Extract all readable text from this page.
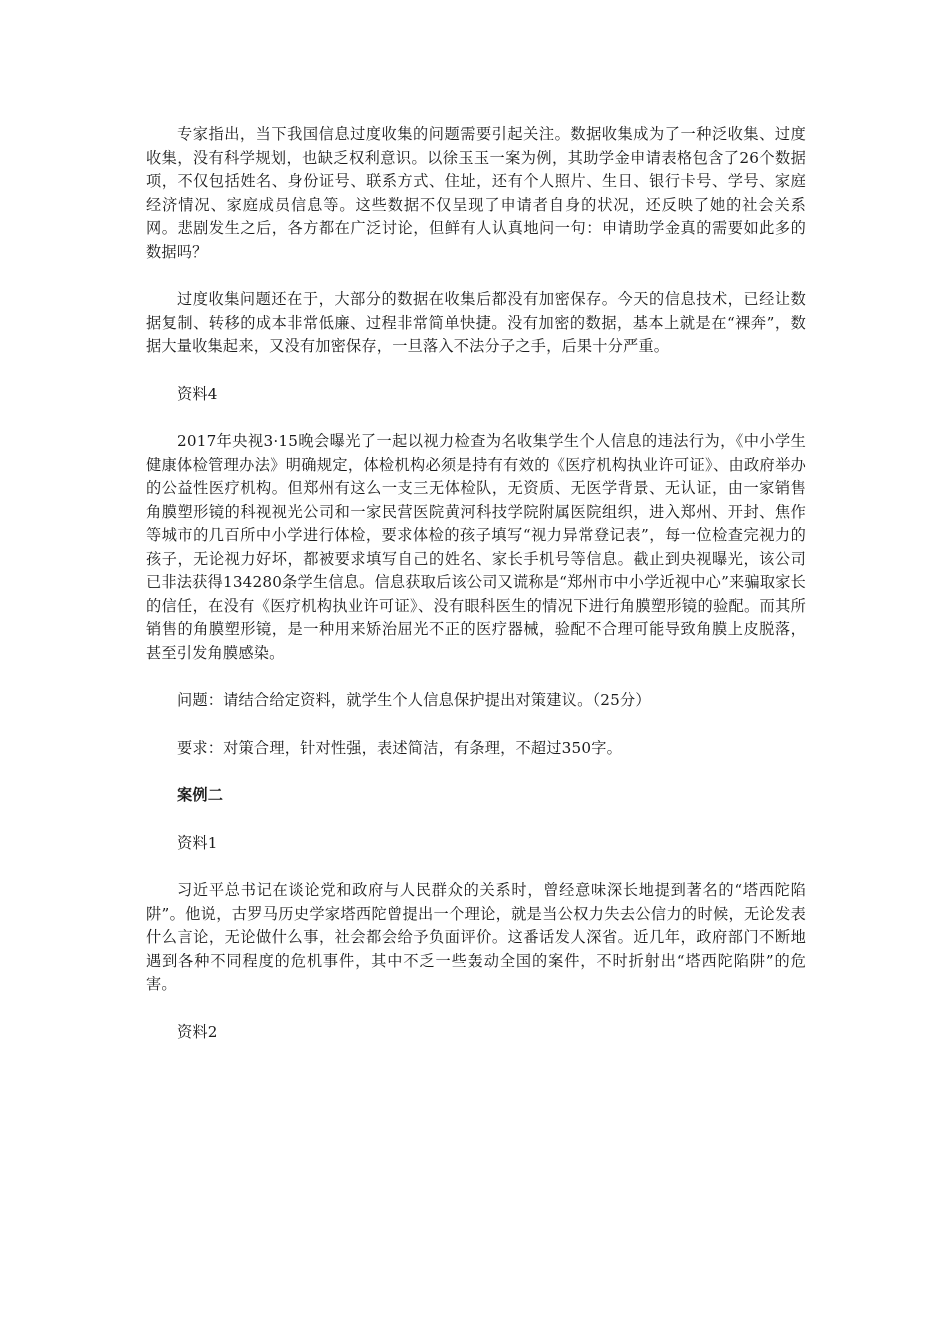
专家指出，当下我国信息过度收集的问题需要引起关注。数据收集成为了一种泛收集、过度收集，没有科学规划，也缺乏权利意识。以徐玉玉一案为例，其助学金申请表格包含了26个数据项，不仅包括姓名、身份证号、联系方式、住址，还有个人照片、生日、银行卡号、学号、家庭经济情况、家庭成员信息等。这些数据不仅呈现了申请者自身的状况，还反映了她的社会关系网。悲剧发生之后，各方都在广泛讨论，但鲜有人认真地问一句：申请助学金真的需要如此多的数据吗？

过度收集问题还在于，大部分的数据在收集后都没有加密保存。今天的信息技术，已经让数据复制、转移的成本非常低廉、过程非常简单快捷。没有加密的数据，基本上就是在“裸奔”，数据大量收集起来，又没有加密保存，一旦落入不法分子之手，后果十分严重。

资料4

2017年央视3·15晚会曝光了一起以视力检查为名收集学生个人信息的违法行为，《中小学生健康体检管理办法》明确规定，体检机构必须是持有有效的《医疗机构执业许可证》、由政府举办的公益性医疗机构。但郑州有这么一支三无体检队，无资质、无医学背景、无认证，由一家销售角膜塑形镜的科视视光公司和一家民营医院黄河科技学院附属医院组织，进入郑州、开封、焦作等城市的几百所中小学进行体检，要求体检的孩子填写“视力异常登记表”，每一位检查完视力的孩子，无论视力好坏，都被要求填写自己的姓名、家长手机号等信息。截止到央视曝光，该公司已非法获得134280条学生信息。信息获取后该公司又谎称是“郑州市中小学近视中心”来骗取家长的信任，在没有《医疗机构执业许可证》、没有眼科医生的情况下进行角膜塑形镜的验配。而其所销售的角膜塑形镜，是一种用来矫治屈光不正的医疗器械，验配不合理可能导致角膜上皮脱落，甚至引发角膜感染。

问题：请结合给定资料，就学生个人信息保护提出对策建议。（25分）

要求：对策合理，针对性强，表述简洁，有条理，不超过350字。

案例二

资料1

习近平总书记在谈论党和政府与人民群众的关系时，曾经意味深长地提到著名的“塔西陀陷阱”。他说，古罗马历史学家塔西陀曾提出一个理论，就是当公权力失去公信力的时候，无论发表什么言论，无论做什么事，社会都会给予负面评价。这番话发人深省。近几年，政府部门不断地遇到各种不同程度的危机事件，其中不乏一些轰动全国的案件，不时折射出“塔西陀陷阱”的危害。

资料2
